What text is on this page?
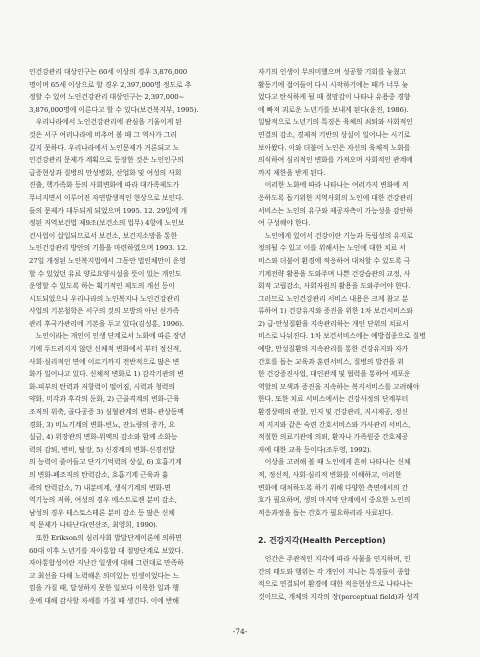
인건강관리 대상인구는 60세 이상의 경우 3,876,000
명이며 65세 이상으로 할 경우 2,397,000명 정도로 추
정할 수 있어 노인건강관리 대상인구는 2,397,000~
3,876,000명에 이른다고 할 수 있다(보건복지부, 1995).
　우리나라에서 노인건강관리에 관심을 기울이게 된
것은 서구 여러나라에 비추어 볼 때 그 역사가 그리
깊지 못하다. 우리나라에서 노인문제가 거론되고 노
인건강관리 문제가 계획으로 등장한 것은 노인인구의
급증현상과 질병의 만성병화, 산업화 및 여성의 사회
진출, 핵가족화 등의 사회변화에 따라 대가족제도가
무너지면서 이루어진 자연발생적인 현상으로 보인다.
들의 문제가 대두되게 되었으며 1995. 12. 29일에 개
정된 지역보건법 제9조(보건소의 업무) 4항에 노인보
건사업이 삽입되므로서 보건소, 보건지소망을 통한
노인건강관리 방안의 기틀을 마련하였으며 1993. 12.
27일 개정된 노인복지법에서 그동안 법인체만이 운영
할 수 있었던 유료 양로요양시설을 뜻이 있는 개인도
운영할 수 있도록 하는 획기적인 제도의 개선 등이
시도되었으나 우리나라의 노인복지나 노인건강관리
사업의 기본철학은 서구의 것의 모방의 아닌 선가족
관리 후국가관리에 기본을 두고 있다(김성홍, 1996).
　노인이라는 개인이 인생 단계로서 노화에 따른 장년
기에 두드러지지 않던 신체적 변화에서 부터 정신적,
사회·심리적인 면에 이르기까지 전반적으로 많은 변
화가 일어나고 있다. 신체적 변화로 1) 감각기관의 변
화-피부의 탄력과 저항력이 떨어짐, 시력과 청력의
약화, 미각과 후각의 둔화, 2) 근골격계의 변화-근육
조직의 위축, 골다공증 3) 심혈관계의 변화- 관상동맥
경화, 3) 비뇨기계의 변화-빈뇨, 잔뇨량의 증가, 요
실금, 4) 위장관의 변화-위액의 감소와 함께 소화능
력의 감퇴, 변비, 탈장, 5) 신경계의 변화-신경전달
의 능력이 줄어들고 단기기억력의 상실, 6) 호흡기계
의 변화-폐조직의 탄력감소, 호흡기계 근육과 흉
곽의 탄력감소, 7) 내분비계, 생식기계의 변화-면
역기능의 저하, 여성의 경우 에스트로젠 분비 감소,
남성의 경우 테스토스테론 분비 감소 등 많은 신체
적 문제가 나타난다(연산조, 최영희, 1990).
　또한 Erikson의 심리사회 발달단계이론에 의하면
60대 이후 노년기를 자아통합 대 절망단계로 보았다.
자아통합성이란 지난간 일생에 대해 그런대로 만족하
고 최선을 다해 노력해온 의미있는 인생이었다는 느
낌을 가질 때, 달성하지 못한 일보다 이룩한 일과 행
운에 대해 감사할 자세를 가질 때 생긴다. 이에 반해
자기의 인생이 무의미했으며 성공할 기회를 놓쳤고
활동기에 접어들어 다시 시작하기에는 때가 너무 늦
었다고 탄식하게 될 때 절망감이 나타나 유용중 경향
에 빠져 괴로운 노년기를 보내게 된다(윤진, 1986).
일탈적으로 노년기의 특징은 육체의 쇠퇴와 사회적인
연결의 감소, 경제적 기반의 상실이 일어나는 시기로
보아왔다. 이와 더불어 노인은 자신의 육체적 노화를
의식하여 심리적인 변화를 가져오며 사회적인 관계에
까지 제한을 받게 된다.
　이러한 노화에 따라 나타나는 여러가지 변화에 적
응하도록 돕기위한 지역사회의 노인에 대한 건강관리
서비스는 노인의 유구와 제공자측이 가능성을 감안하
여 구성해야 한다.
　노인에게 있어서 건강이란 기능과 독립성의 유지로
정의될 수 있고 이를 위해서는 노인에 대한 치료 서
비스와 더불어 환경에 적응하여 대처할 수 있도록 극
기계전략 활용을 도와주며 나쁜 건강습관의 교정, 사
회적 고립감소, 사회자원의 활용을 도와주어야 한다.
그러므로 노인건강관리 서비스 내용은 크게 참고 분
류하여 1) 건강유지와 증진을 위한 1차 보건서비스와
2) 급·만성질환을 지속관리하는 개인 단위의 치료서
비스로 나뉘진다. 1차 보건서비스에는 예방접종으로 질병
예방, 만성질환의 지속관리를 통한 건강유지와 자가
간호를 돕는 교육과 훈련서비스, 질병의 발견을 위
한 건강증진사업, 대인관계 및 협력을 통하여 세포운
역할의 모색과 증진을 지속하는 복지서비스를 고려해야
한다. 또한 치료 서비스에서는 건강사정의 단계부터
환경상태의 관찰, 인지 및 건강관리, 지시제공, 정신
적 지지와 같은 숙련 간호서비스와 가사관리 서비스,
적절한 의료기관에 의뢰, 환자나 가족원중 간호제공
자에 대한 교육 등이다(조두영, 1992).
　이상을 고려해 볼 때 노인에게 흔히 나타나는 신체
적, 정신적, 사회·심리적 변화를 이해하고, 이러한
변화에 대처하도록 하기 위해 다양한 측면에서의 간
호가 필요하며, 생의 마지막 단계에서 중요한 노인의
적응과정을 돕는 간호가 필요하리라 사료된다.
2. 건강지각(Health Perception)
　인간은 주관적인 지각에 따라 사물을 인지하며, 인
간의 태도와 행위는 각 개인이 지니는 특징들이 종합
적으로 연결되어 환경에 대한 적응현상으로 나타나는
것이므로, 개체의 지각의 장(perceptual field)과 성격
-74-
